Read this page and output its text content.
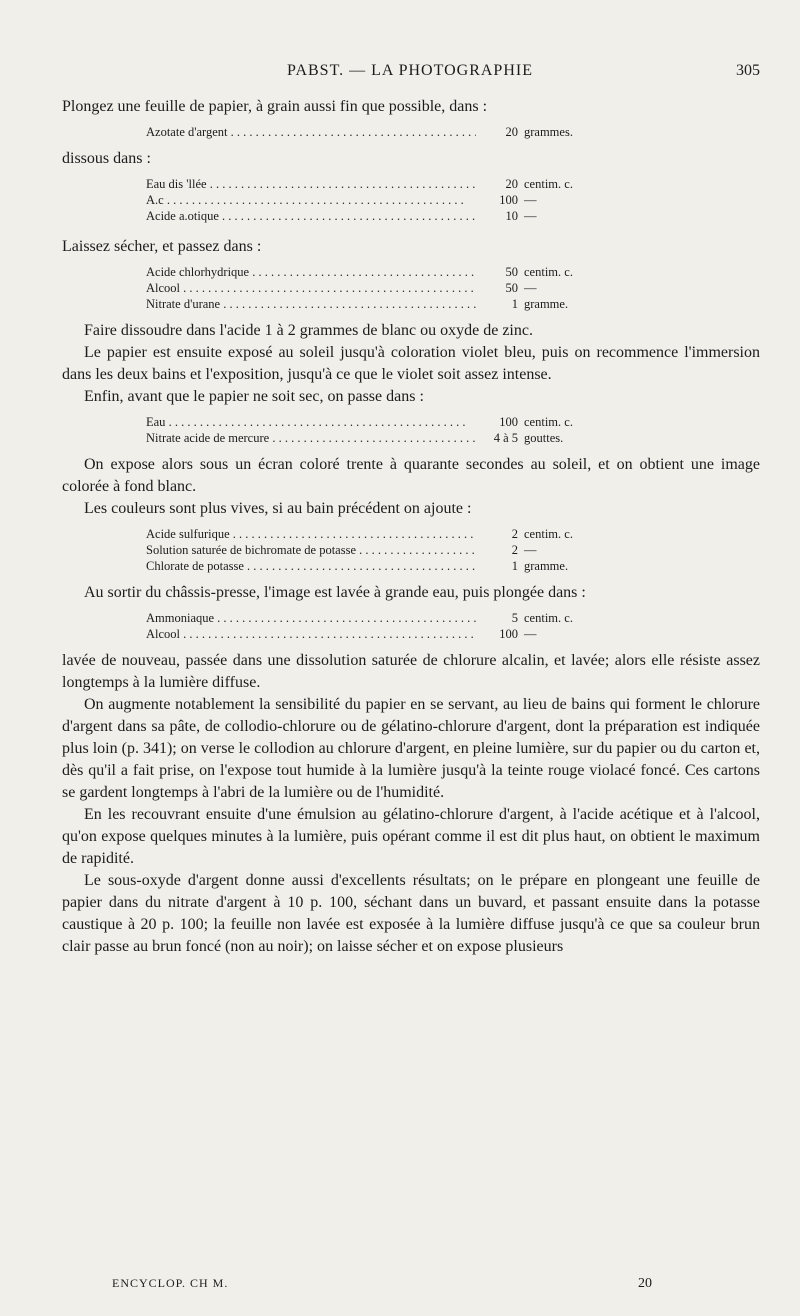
PABST. — LA PHOTOGRAPHIE	305

Plongez une feuille de papier, à grain aussi fin que possible, dans :

Azotate d'argent . . .	20 grammes.

dissous dans :

Eau dis 'llée . . .	20 centim. c.
A.c . . .	100 —
Acide a.otique . . .	10 —

Laissez sécher, et passez dans :

Acide chlorhydrique . . .	50 centim. c.
Alcool . . .	50 —
Nitrate d'urane . . .	1 gramme.

Faire dissoudre dans l'acide 1 à 2 grammes de blanc ou oxyde de zinc.

Le papier est ensuite exposé au soleil jusqu'à coloration violet bleu, puis on recommence l'immersion dans les deux bains et l'exposition, jusqu'à ce que le violet soit assez intense.

Enfin, avant que le papier ne soit sec, on passe dans :

Eau . . .	100 centim. c.
Nitrate acide de mercure . . .	4 à 5 gouttes.

On expose alors sous un écran coloré trente à quarante secondes au soleil, et on obtient une image colorée à fond blanc.

Les couleurs sont plus vives, si au bain précédent on ajoute :

Acide sulfurique . . .	2 centim. c.
Solution saturée de bichromate de potasse . . .	2 —
Chlorate de potasse . . .	1 gramme.

Au sortir du châssis-presse, l'image est lavée à grande eau, puis plongée dans :

Ammoniaque . . .	5 centim. c.
Alcool . . .	100 —

lavée de nouveau, passée dans une dissolution saturée de chlorure alcalin, et lavée; alors elle résiste assez longtemps à la lumière diffuse.

On augmente notablement la sensibilité du papier en se servant, au lieu de bains qui forment le chlorure d'argent dans sa pâte, de collodio-chlorure ou de gélatino-chlorure d'argent, dont la préparation est indiquée plus loin (p. 341); on verse le collodion au chlorure d'argent, en pleine lumière, sur du papier ou du carton et, dès qu'il a fait prise, on l'expose tout humide à la lumière jusqu'à la teinte rouge violacé foncé. Ces cartons se gardent longtemps à l'abri de la lumière ou de l'humidité.

En les recouvrant ensuite d'une émulsion au gélatino-chlorure d'argent, à l'acide acétique et à l'alcool, qu'on expose quelques minutes à la lumière, puis opérant comme il est dit plus haut, on obtient le maximum de rapidité.

Le sous-oxyde d'argent donne aussi d'excellents résultats; on le prépare en plongeant une feuille de papier dans du nitrate d'argent à 10 p. 100, séchant dans un buvard, et passant ensuite dans la potasse caustique à 20 p. 100; la feuille non lavée est exposée à la lumière diffuse jusqu'à ce que sa couleur brun clair passe au brun foncé (non au noir); on laisse sécher et on expose plusieurs

ENCYCLOP. CH M.	20
